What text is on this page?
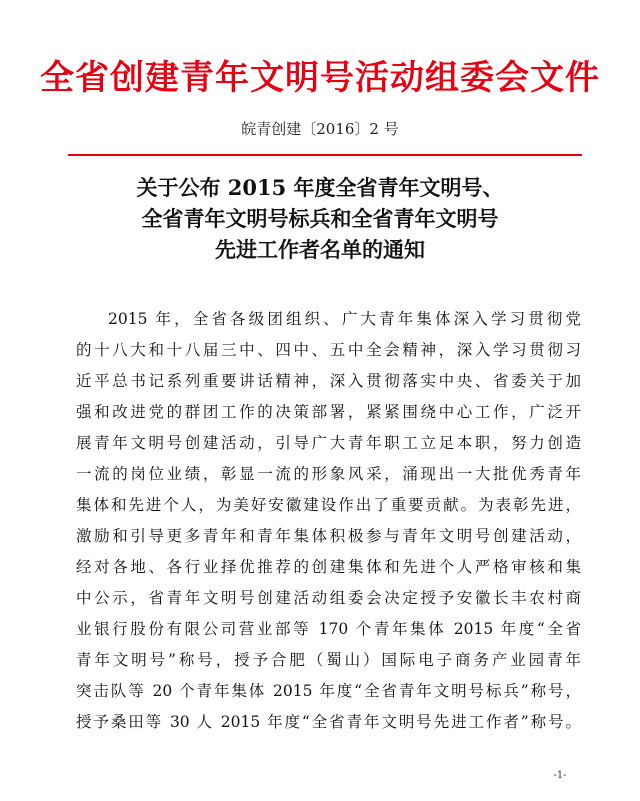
全省创建青年文明号活动组委会文件
皖青创建〔2016〕2 号
关于公布 2015 年度全省青年文明号、
全省青年文明号标兵和全省青年文明号
先进工作者名单的通知
2015 年，全省各级团组织、广大青年集体深入学习贯彻党
的十八大和十八届三中、四中、五中全会精神，深入学习贯彻习
近平总书记系列重要讲话精神，深入贯彻落实中央、省委关于加
强和改进党的群团工作的决策部署，紧紧围绕中心工作，广泛开
展青年文明号创建活动，引导广大青年职工立足本职，努力创造
一流的岗位业绩，彰显一流的形象风采，涌现出一大批优秀青年
集体和先进个人，为美好安徽建设作出了重要贡献。为表彰先进，
激励和引导更多青年和青年集体积极参与青年文明号创建活动，
经对各地、各行业择优推荐的创建集体和先进个人严格审核和集
中公示，省青年文明号创建活动组委会决定授予安徽长丰农村商
业银行股份有限公司营业部等 170 个青年集体 2015 年度“全省
青年文明号”称号，授予合肥（蜀山）国际电子商务产业园青年
突击队等 20 个青年集体 2015 年度“全省青年文明号标兵”称号，
授予桑田等 30 人 2015 年度“全省青年文明号先进工作者”称号。
-1-
